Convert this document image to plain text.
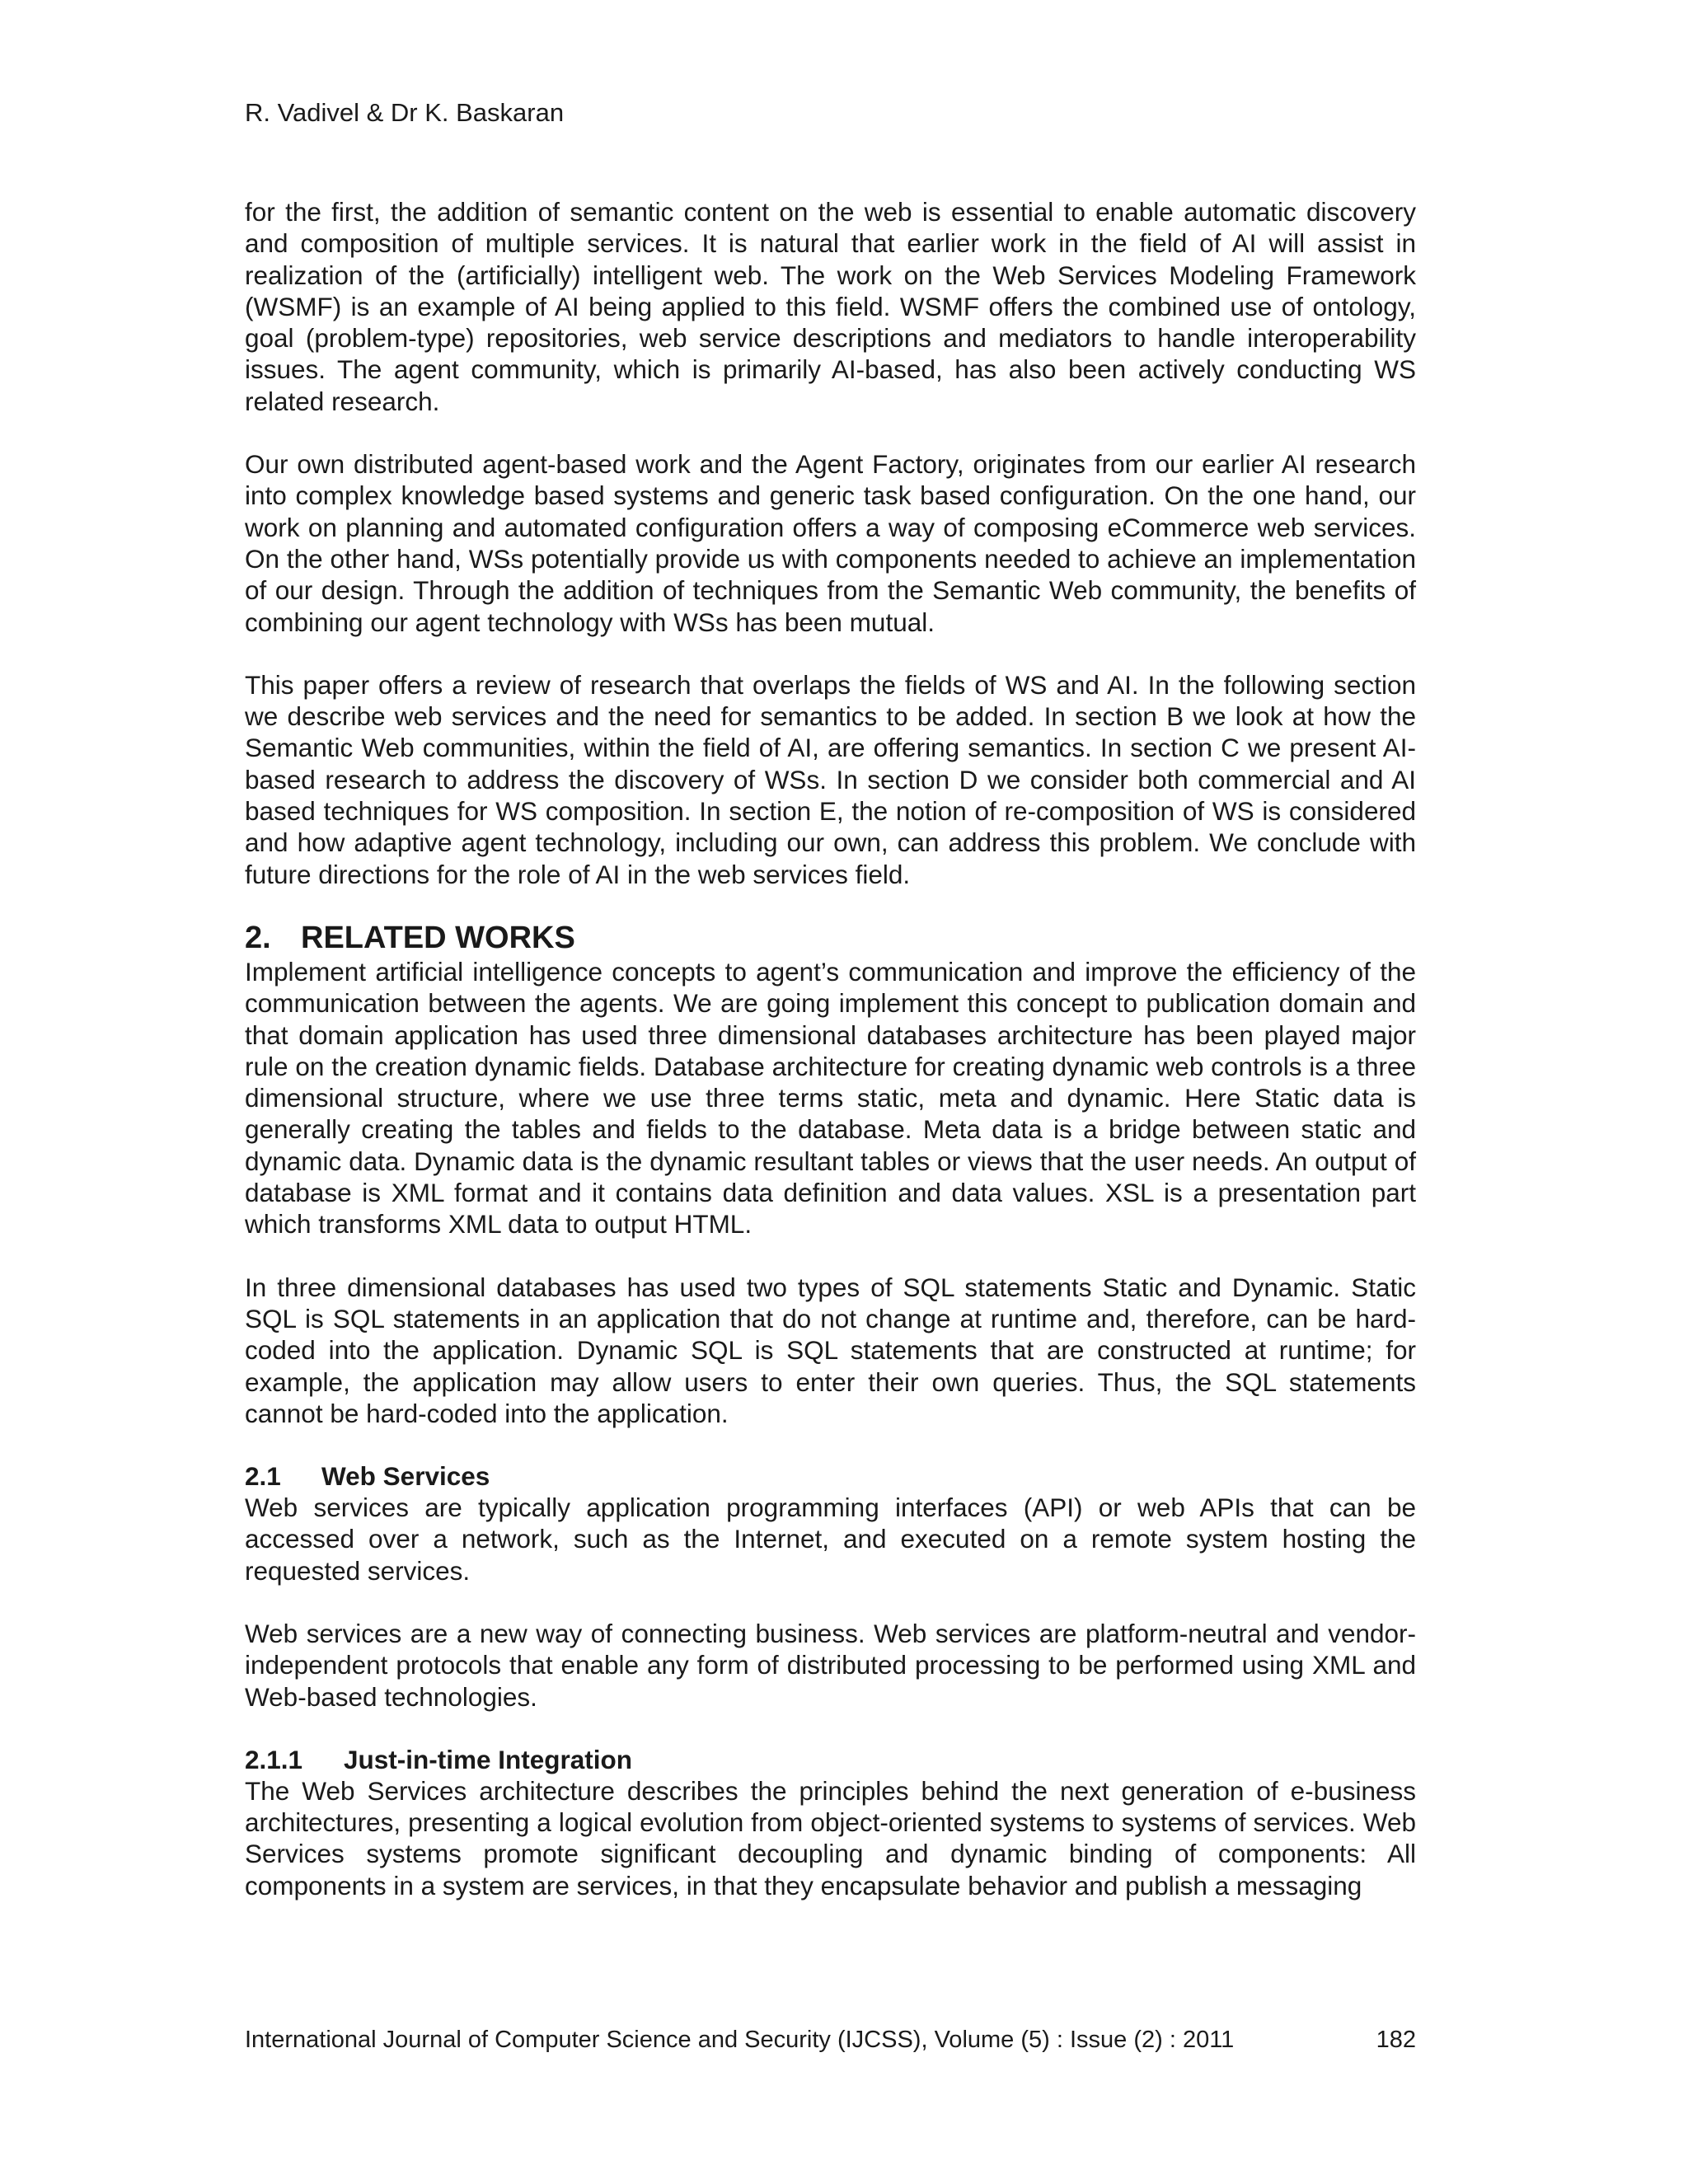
R. Vadivel & Dr K. Baskaran

for the first, the addition of semantic content on the web is essential to enable automatic discovery and composition of multiple services. It is natural that earlier work in the field of AI will assist in realization of the (artificially) intelligent web. The work on the Web Services Modeling Framework (WSMF) is an example of AI being applied to this field. WSMF offers the combined use of ontology, goal (problem-type) repositories, web service descriptions and mediators to handle interoperability issues. The agent community, which is primarily AI-based, has also been actively conducting WS related research.

Our own distributed agent-based work and the Agent Factory, originates from our earlier AI research into complex knowledge based systems and generic task based configuration. On the one hand, our work on planning and automated configuration offers a way of composing eCommerce web services. On the other hand, WSs potentially provide us with components needed to achieve an implementation of our design. Through the addition of techniques from the Semantic Web community, the benefits of combining our agent technology with WSs has been mutual.

This paper offers a review of research that overlaps the fields of WS and AI. In the following section we describe web services and the need for semantics to be added. In section B we look at how the Semantic Web communities, within the field of AI, are offering semantics. In section C we present AI-based research to address the discovery of WSs. In section D we consider both commercial and AI based techniques for WS composition. In section E, the notion of re-composition of WS is considered and how adaptive agent technology, including our own, can address this problem. We conclude with future directions for the role of AI in the web services field.

2. RELATED WORKS

Implement artificial intelligence concepts to agent’s communication and improve the efficiency of the communication between the agents. We are going implement this concept to publication domain and that domain application has used three dimensional databases architecture has been played major rule on the creation dynamic fields. Database architecture for creating dynamic web controls is a three dimensional structure, where we use three terms static, meta and dynamic. Here Static data is generally creating the tables and fields to the database. Meta data is a bridge between static and dynamic data. Dynamic data is the dynamic resultant tables or views that the user needs. An output of database is XML format and it contains data definition and data values. XSL is a presentation part which transforms XML data to output HTML.

In three dimensional databases has used two types of SQL statements Static and Dynamic. Static SQL is SQL statements in an application that do not change at runtime and, therefore, can be hard-coded into the application. Dynamic SQL is SQL statements that are constructed at runtime; for example, the application may allow users to enter their own queries. Thus, the SQL statements cannot be hard-coded into the application.

2.1	Web Services

Web services are typically application programming interfaces (API) or web APIs that can be accessed over a network, such as the Internet, and executed on a remote system hosting the requested services.

Web services are a new way of connecting business. Web services are platform-neutral and vendor-independent protocols that enable any form of distributed processing to be performed using XML and Web-based technologies.

2.1.1	Just-in-time Integration

The Web Services architecture describes the principles behind the next generation of e-business architectures, presenting a logical evolution from object-oriented systems to systems of services. Web Services systems promote significant decoupling and dynamic binding of components: All components in a system are services, in that they encapsulate behavior and publish a messaging

International Journal of Computer Science and Security (IJCSS), Volume (5) : Issue (2) : 2011	182
